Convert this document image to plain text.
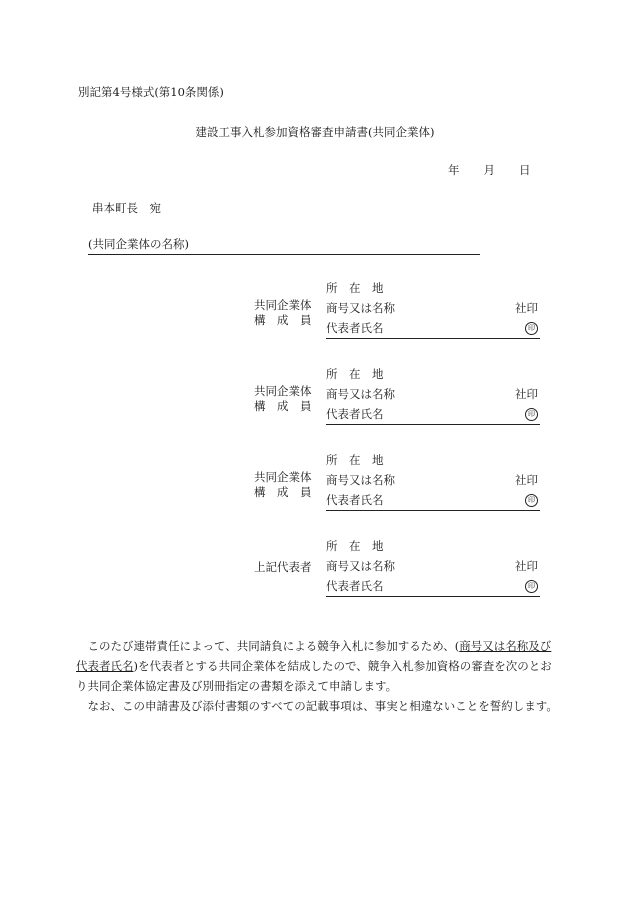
別記第4号様式(第10条関係)
建設工事入札参加資格審査申請書(共同企業体)
年 月 日
串本町長　宛
(共同企業体の名称)
共同企業体
構　成　員
所　在　地
商号又は名称	社印
代表者氏名	印
共同企業体
構　成　員
所　在　地
商号又は名称	社印
代表者氏名	印
共同企業体
構　成　員
所　在　地
商号又は名称	社印
代表者氏名	印
上記代表者
所　在　地
商号又は名称	社印
代表者氏名	印

　このたび連帯責任によって、共同請負による競争入札に参加するため、(商号又は名称及び代表者氏名)を代表者とする共同企業体を結成したので、競争入札参加資格の審査を次のとおり共同企業体協定書及び別冊指定の書類を添えて申請します。

　なお、この申請書及び添付書類のすべての記載事項は、事実と相違ないことを誓約します。
